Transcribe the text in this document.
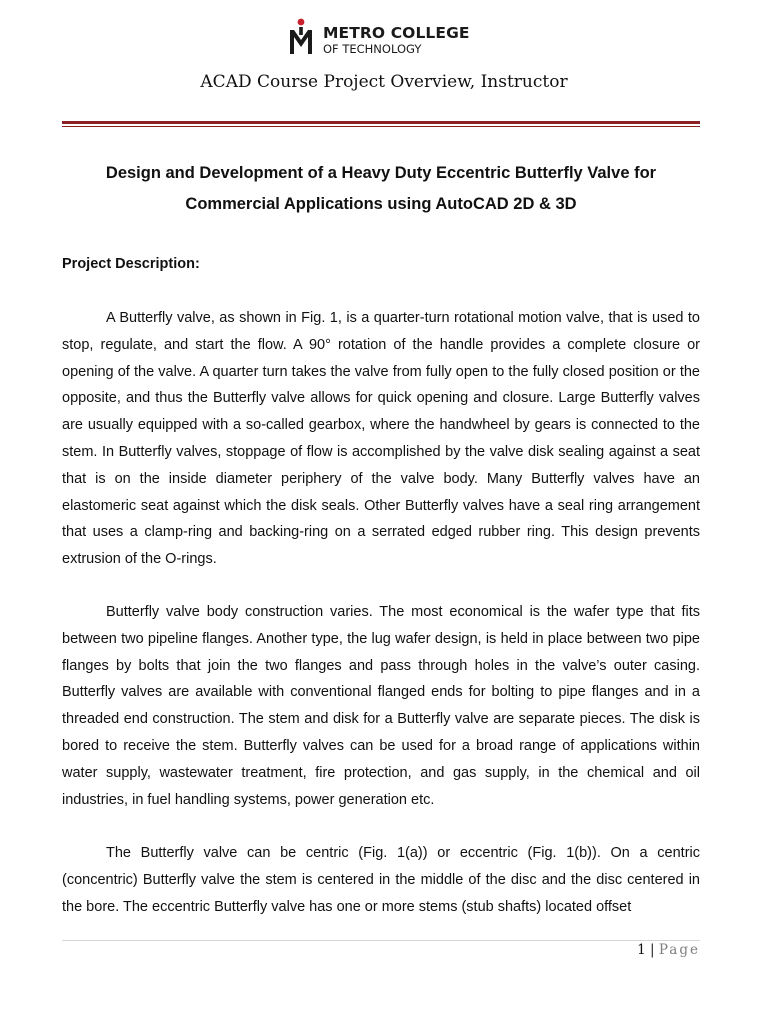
METRO COLLEGE
OF TECHNOLOGY
ACAD Course Project Overview, Instructor
Design and Development of a Heavy Duty Eccentric Butterfly Valve for Commercial Applications using AutoCAD 2D & 3D
Project Description:

A Butterfly valve, as shown in Fig. 1, is a quarter-turn rotational motion valve, that is used to stop, regulate, and start the flow. A 90° rotation of the handle provides a complete closure or opening of the valve. A quarter turn takes the valve from fully open to the fully closed position or the opposite, and thus the Butterfly valve allows for quick opening and closure. Large Butterfly valves are usually equipped with a so-called gearbox, where the handwheel by gears is connected to the stem. In Butterfly valves, stoppage of flow is accomplished by the valve disk sealing against a seat that is on the inside diameter periphery of the valve body. Many Butterfly valves have an elastomeric seat against which the disk seals. Other Butterfly valves have a seal ring arrangement that uses a clamp-ring and backing-ring on a serrated edged rubber ring. This design prevents extrusion of the O-rings.

Butterfly valve body construction varies. The most economical is the wafer type that fits between two pipeline flanges. Another type, the lug wafer design, is held in place between two pipe flanges by bolts that join the two flanges and pass through holes in the valve’s outer casing. Butterfly valves are available with conventional flanged ends for bolting to pipe flanges and in a threaded end construction. The stem and disk for a Butterfly valve are separate pieces. The disk is bored to receive the stem. Butterfly valves can be used for a broad range of applications within water supply, wastewater treatment, fire protection, and gas supply, in the chemical and oil industries, in fuel handling systems, power generation etc.

The Butterfly valve can be centric (Fig. 1(a)) or eccentric (Fig. 1(b)). On a centric (concentric) Butterfly valve the stem is centered in the middle of the disc and the disc centered in the bore. The eccentric Butterfly valve has one or more stems (stub shafts) located offset

1 | Page
